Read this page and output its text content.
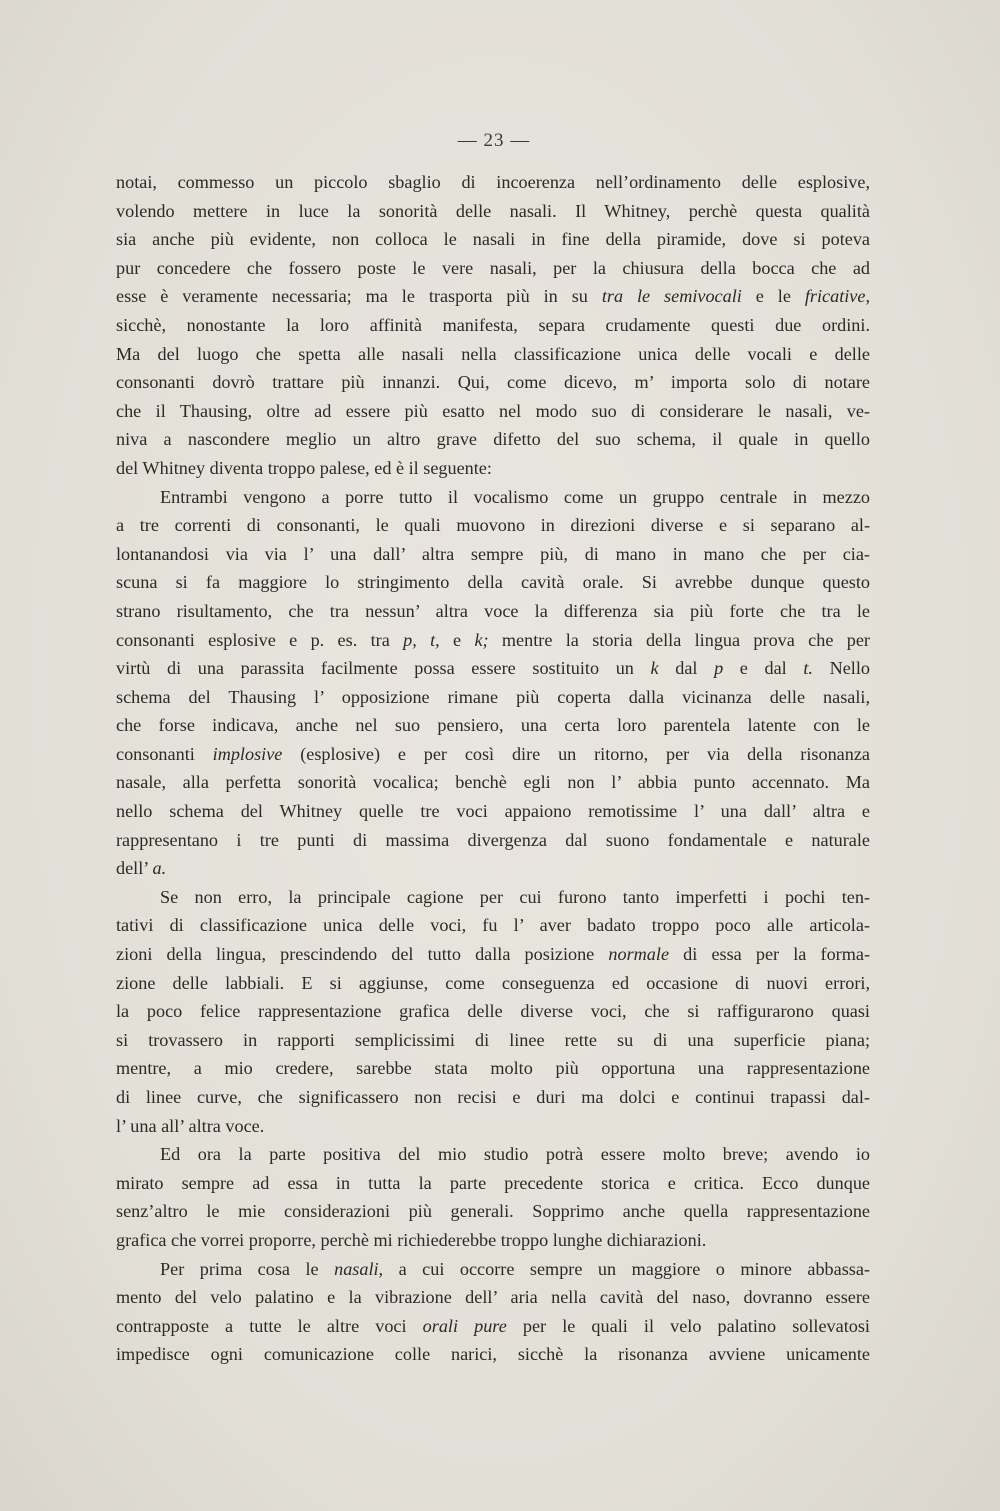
— 23 —
notai, commesso un piccolo sbaglio di incoerenza nell’ordinamento delle esplosive,
volendo mettere in luce la sonorità delle nasali. Il Whitney, perchè questa qualità
sia anche più evidente, non colloca le nasali in fine della piramide, dove si poteva
pur concedere che fossero poste le vere nasali, per la chiusura della bocca che ad
esse è veramente necessaria; ma le trasporta più in su tra le semivocali e le fricative,
sicchè, nonostante la loro affinità manifesta, separa crudamente questi due ordini.
Ma del luogo che spetta alle nasali nella classificazione unica delle vocali e delle
consonanti dovrò trattare più innanzi. Qui, come dicevo, m’ importa solo di notare
che il Thausing, oltre ad essere più esatto nel modo suo di considerare le nasali, ve-
niva a nascondere meglio un altro grave difetto del suo schema, il quale in quello
del Whitney diventa troppo palese, ed è il seguente:
Entrambi vengono a porre tutto il vocalismo come un gruppo centrale in mezzo
a tre correnti di consonanti, le quali muovono in direzioni diverse e si separano al-
lontanandosi via via l’ una dall’ altra sempre più, di mano in mano che per cia-
scuna si fa maggiore lo stringimento della cavità orale. Si avrebbe dunque questo
strano risultamento, che tra nessun’ altra voce la differenza sia più forte che tra le
consonanti esplosive e p. es. tra p, t, e k; mentre la storia della lingua prova che per
virtù di una parassita facilmente possa essere sostituito un k dal p e dal t. Nello
schema del Thausing l’ opposizione rimane più coperta dalla vicinanza delle nasali,
che forse indicava, anche nel suo pensiero, una certa loro parentela latente con le
consonanti implosive (esplosive) e per così dire un ritorno, per via della risonanza
nasale, alla perfetta sonorità vocalica; benchè egli non l’ abbia punto accennato. Ma
nello schema del Whitney quelle tre voci appaiono remotissime l’ una dall’ altra e
rappresentano i tre punti di massima divergenza dal suono fondamentale e naturale
dell’ a.
Se non erro, la principale cagione per cui furono tanto imperfetti i pochi ten-
tativi di classificazione unica delle voci, fu l’ aver badato troppo poco alle articola-
zioni della lingua, prescindendo del tutto dalla posizione normale di essa per la forma-
zione delle labbiali. E si aggiunse, come conseguenza ed occasione di nuovi errori,
la poco felice rappresentazione grafica delle diverse voci, che si raffigurarono quasi
si trovassero in rapporti semplicissimi di linee rette su di una superficie piana;
mentre, a mio credere, sarebbe stata molto più opportuna una rappresentazione
di linee curve, che significassero non recisi e duri ma dolci e continui trapassi dal-
l’ una all’ altra voce.
Ed ora la parte positiva del mio studio potrà essere molto breve; avendo io
mirato sempre ad essa in tutta la parte precedente storica e critica. Ecco dunque
senz’altro le mie considerazioni più generali. Sopprimo anche quella rappresentazione
grafica che vorrei proporre, perchè mi richiederebbe troppo lunghe dichiarazioni.
Per prima cosa le nasali, a cui occorre sempre un maggiore o minore abbassa-
mento del velo palatino e la vibrazione dell’ aria nella cavità del naso, dovranno essere
contrapposte a tutte le altre voci orali pure per le quali il velo palatino sollevatosi
impedisce ogni comunicazione colle narici, sicchè la risonanza avviene unicamente
